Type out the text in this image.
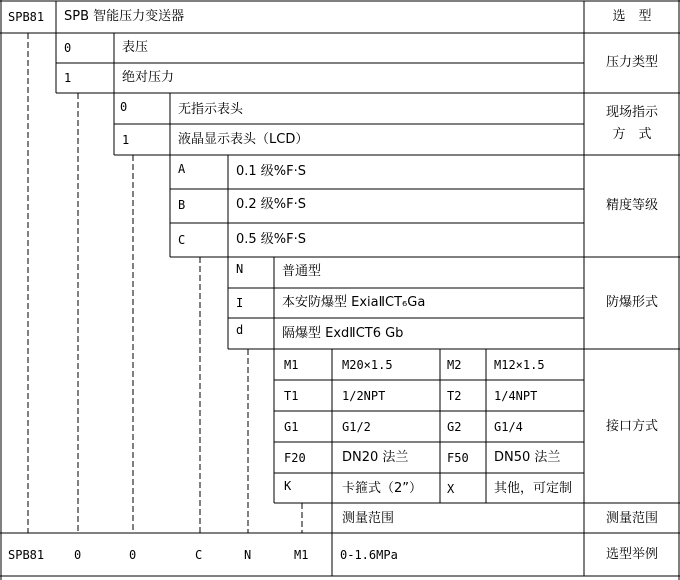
SPB81 SPB 智能压力变送器	选　型
0	表压
1	绝对压力
压力类型
0	无指示表头
1	液晶显示表头（LCD）
现场指示
方　式
A	0.1 级%F·S
B	0.2 级%F·S
C	0.5 级%F·S
精度等级
N	普通型
I	本安防爆型 ExiaⅡCT₆Ga
d	隔爆型 ExdⅡCT6 Gb
防爆形式
M1	M20×1.5	M2	M12×1.5
T1	1/2NPT	T2	1/4NPT
G1	G1/2	G2	G1/4
F20	DN20 法兰	F50 DN50 法兰
K	卡箍式（2”） X	其他，可定制
接口方式
测量范围	测量范围
SPB81 0	0	C	N	M1	0-1.6MPa	选型举例
